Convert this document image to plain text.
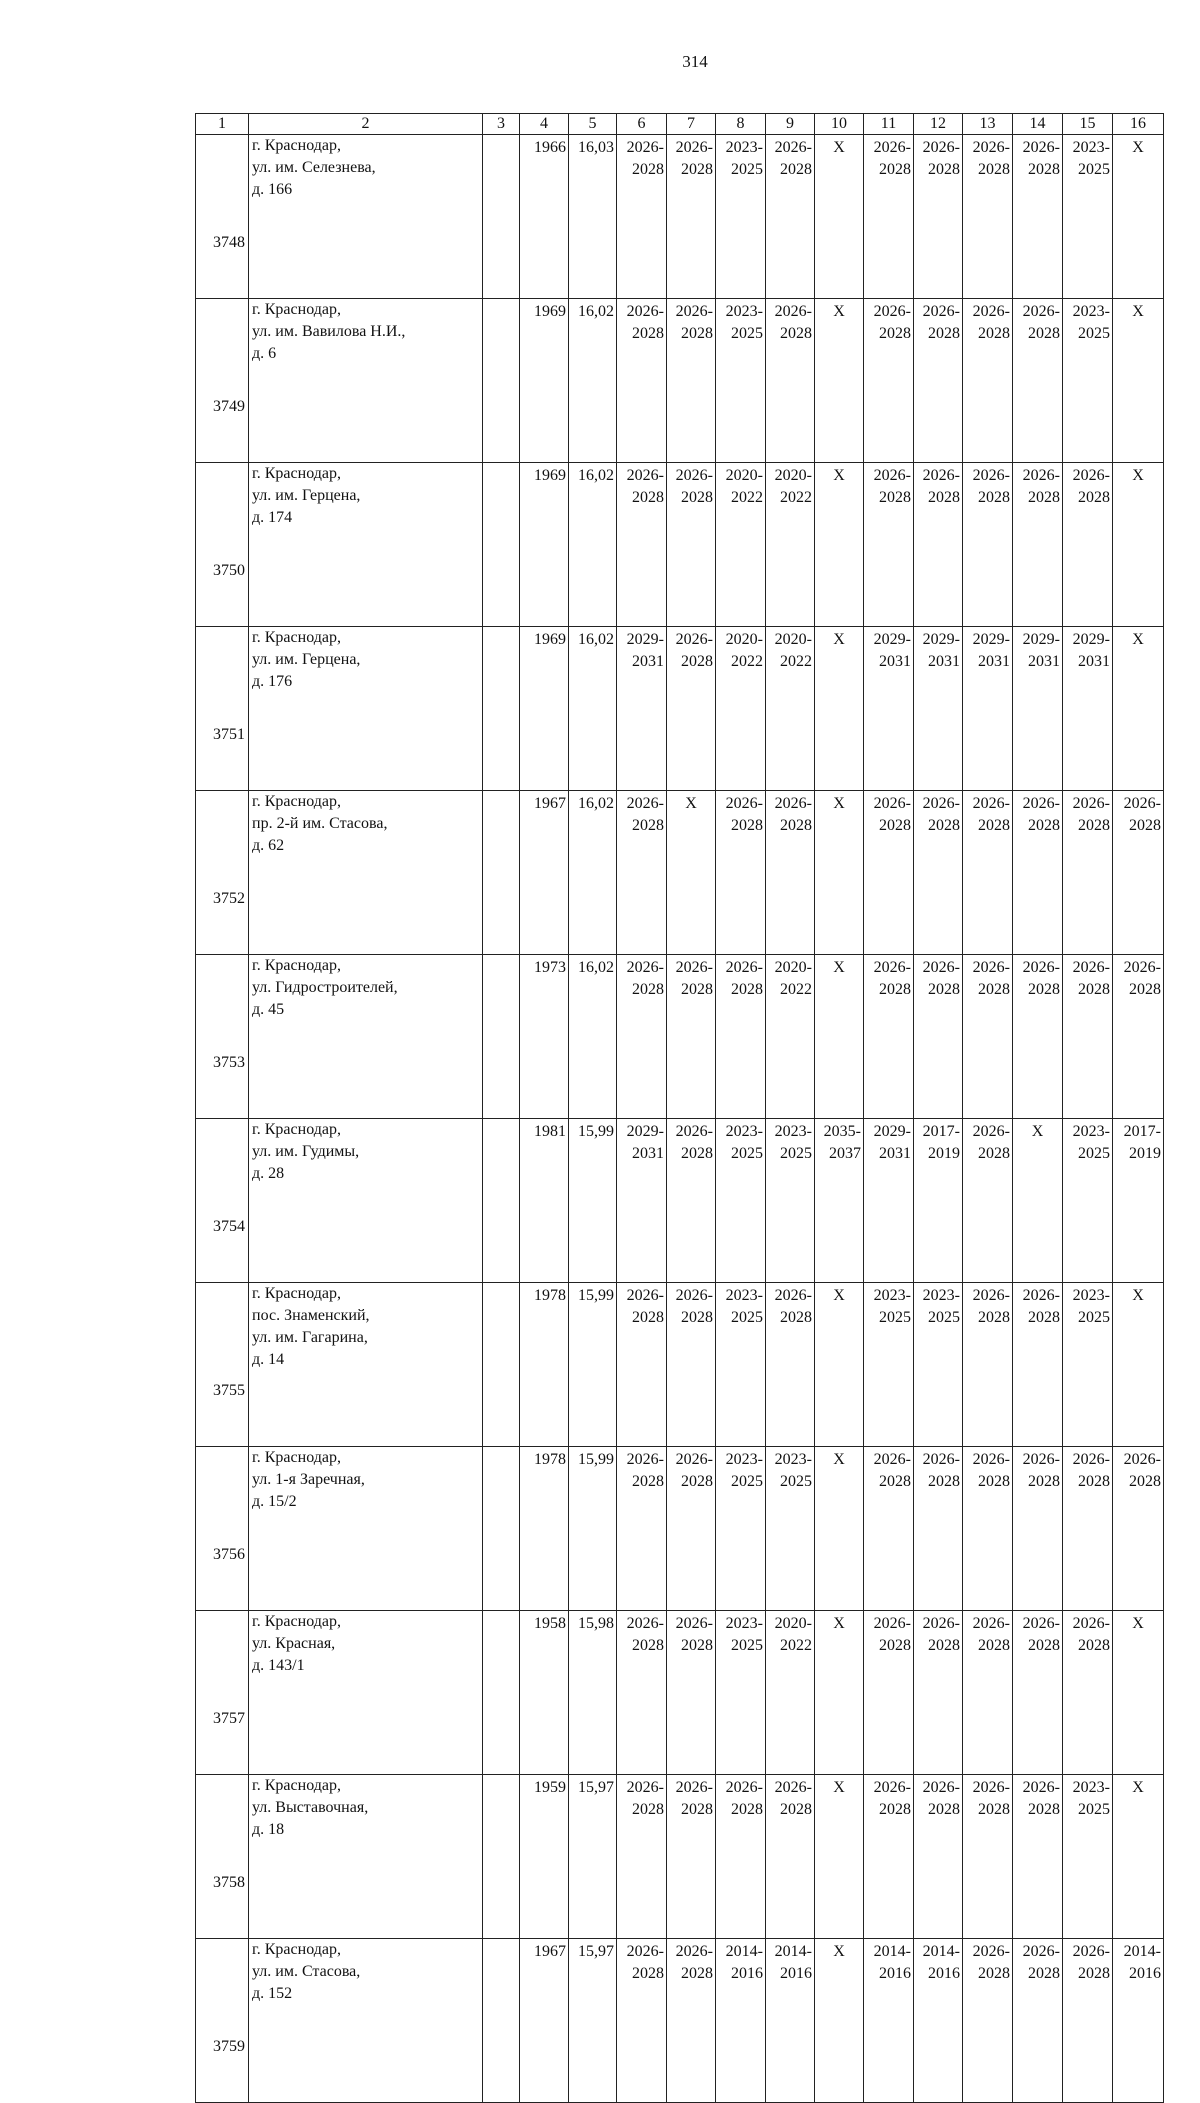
314
1	2	3	4	5	6	7	8	9	10	11	12	13	14	15	16
3748	г. Краснодар,
ул. им. Селезнева,
д. 166		1966	16,03	2026-
2028	2026-
2028	2023-
2025	2026-
2028	Х	2026-
2028	2026-
2028	2026-
2028	2026-
2028	2023-
2025	Х
3749	г. Краснодар,
ул. им. Вавилова Н.И.,
д. 6		1969	16,02	2026-
2028	2026-
2028	2023-
2025	2026-
2028	Х	2026-
2028	2026-
2028	2026-
2028	2026-
2028	2023-
2025	Х
3750	г. Краснодар,
ул. им. Герцена,
д. 174		1969	16,02	2026-
2028	2026-
2028	2020-
2022	2020-
2022	Х	2026-
2028	2026-
2028	2026-
2028	2026-
2028	2026-
2028	Х
3751	г. Краснодар,
ул. им. Герцена,
д. 176		1969	16,02	2029-
2031	2026-
2028	2020-
2022	2020-
2022	Х	2029-
2031	2029-
2031	2029-
2031	2029-
2031	2029-
2031	Х
3752	г. Краснодар,
пр. 2-й им. Стасова,
д. 62		1967	16,02	2026-
2028	Х	2026-
2028	2026-
2028	Х	2026-
2028	2026-
2028	2026-
2028	2026-
2028	2026-
2028	2026-
2028

3753	г. Краснодар,
ул. Гидростроителей,
д. 45		1973	16,02	2026-
2028	2026-
2028	2026-
2028	2020-
2022	Х	2026-
2028	2026-
2028	2026-
2028	2026-
2028	2026-
2028	2026-
2028

3754	г. Краснодар,
ул. им. Гудимы,
д. 28		1981	15,99	2029-
2031	2026-
2028	2023-
2025	2023-
2025	2035-
2037	2029-
2031	2017-
2019	2026-
2028	Х	2023-
2025	2017-
2019

3755	г. Краснодар,
пос. Знаменский,
ул. им. Гагарина,
д. 14		1978	15,99	2026-
2028	2026-
2028	2023-
2025	2026-
2028	Х	2023-
2025	2023-
2025	2026-
2028	2026-
2028	2023-
2025	Х
3756	г. Краснодар,
ул. 1-я Заречная,
д. 15/2		1978	15,99	2026-
2028	2026-
2028	2023-
2025	2023-
2025	Х	2026-
2028	2026-
2028	2026-
2028	2026-
2028	2026-
2028	2026-
2028

3757	г. Краснодар,
ул. Красная,
д. 143/1		1958	15,98	2026-
2028	2026-
2028	2023-
2025	2020-
2022	Х	2026-
2028	2026-
2028	2026-
2028	2026-
2028	2026-
2028	Х
3758	г. Краснодар,
ул. Выставочная,
д. 18		1959	15,97	2026-
2028	2026-
2028	2026-
2028	2026-
2028	Х	2026-
2028	2026-
2028	2026-
2028	2026-
2028	2023-
2025	Х
3759	г. Краснодар,
ул. им. Стасова,
д. 152		1967	15,97	2026-
2028	2026-
2028	2014-
2016	2014-
2016	Х	2014-
2016	2014-
2016	2026-
2028	2026-
2028	2026-
2028	2014-
2016
